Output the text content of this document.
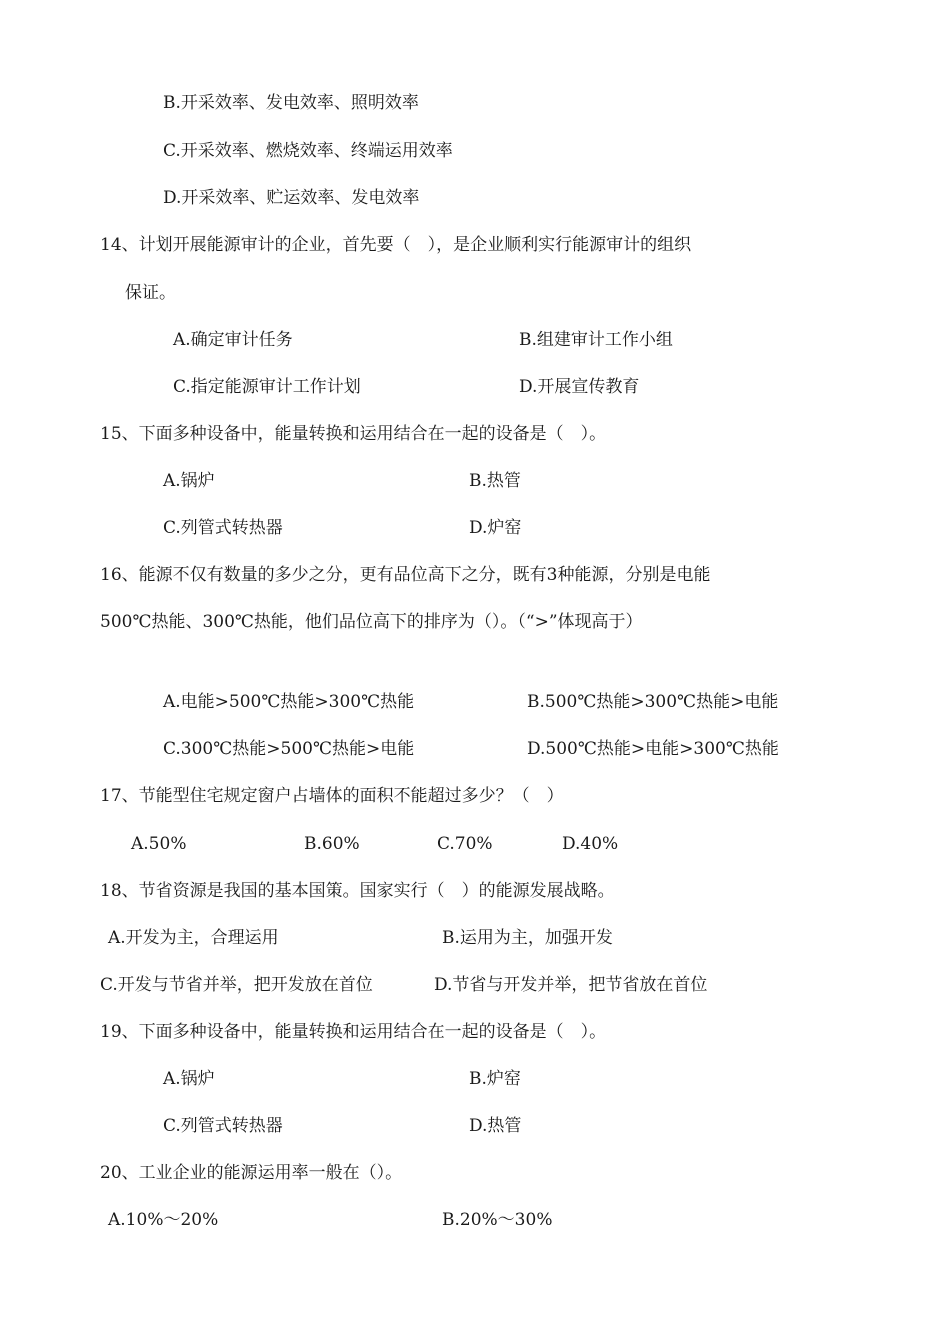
B.开采效率、发电效率、照明效率
C.开采效率、燃烧效率、终端运用效率
D.开采效率、贮运效率、发电效率
14、计划开展能源审计的企业，首先要（　），是企业顺利实行能源审计的组织
保证。
A.确定审计任务	B.组建审计工作小组
C.指定能源审计工作计划	D.开展宣传教育
15、下面多种设备中，能量转换和运用结合在一起的设备是（　）。
A.锅炉	B.热管
C.列管式转热器	D.炉窑
16、能源不仅有数量的多少之分，更有品位高下之分，既有3种能源，分别是电能
500℃热能、300℃热能，他们品位高下的排序为（）。（“>”体现高于）
A.电能>500℃热能>300℃热能	B.500℃热能>300℃热能>电能
C.300℃热能>500℃热能>电能	D.500℃热能>电能>300℃热能
17、节能型住宅规定窗户占墙体的面积不能超过多少？（　）
A.50%	B.60%	C.70%	D.40%
18、节省资源是我国的基本国策。国家实行（　）的能源发展战略。
A.开发为主，合理运用	B.运用为主，加强开发
C.开发与节省并举，把开发放在首位	D.节省与开发并举，把节省放在首位
19、下面多种设备中，能量转换和运用结合在一起的设备是（　）。
A.锅炉	B.炉窑
C.列管式转热器	D.热管
20、工业企业的能源运用率一般在（）。
A.10%～20%	B.20%～30%
